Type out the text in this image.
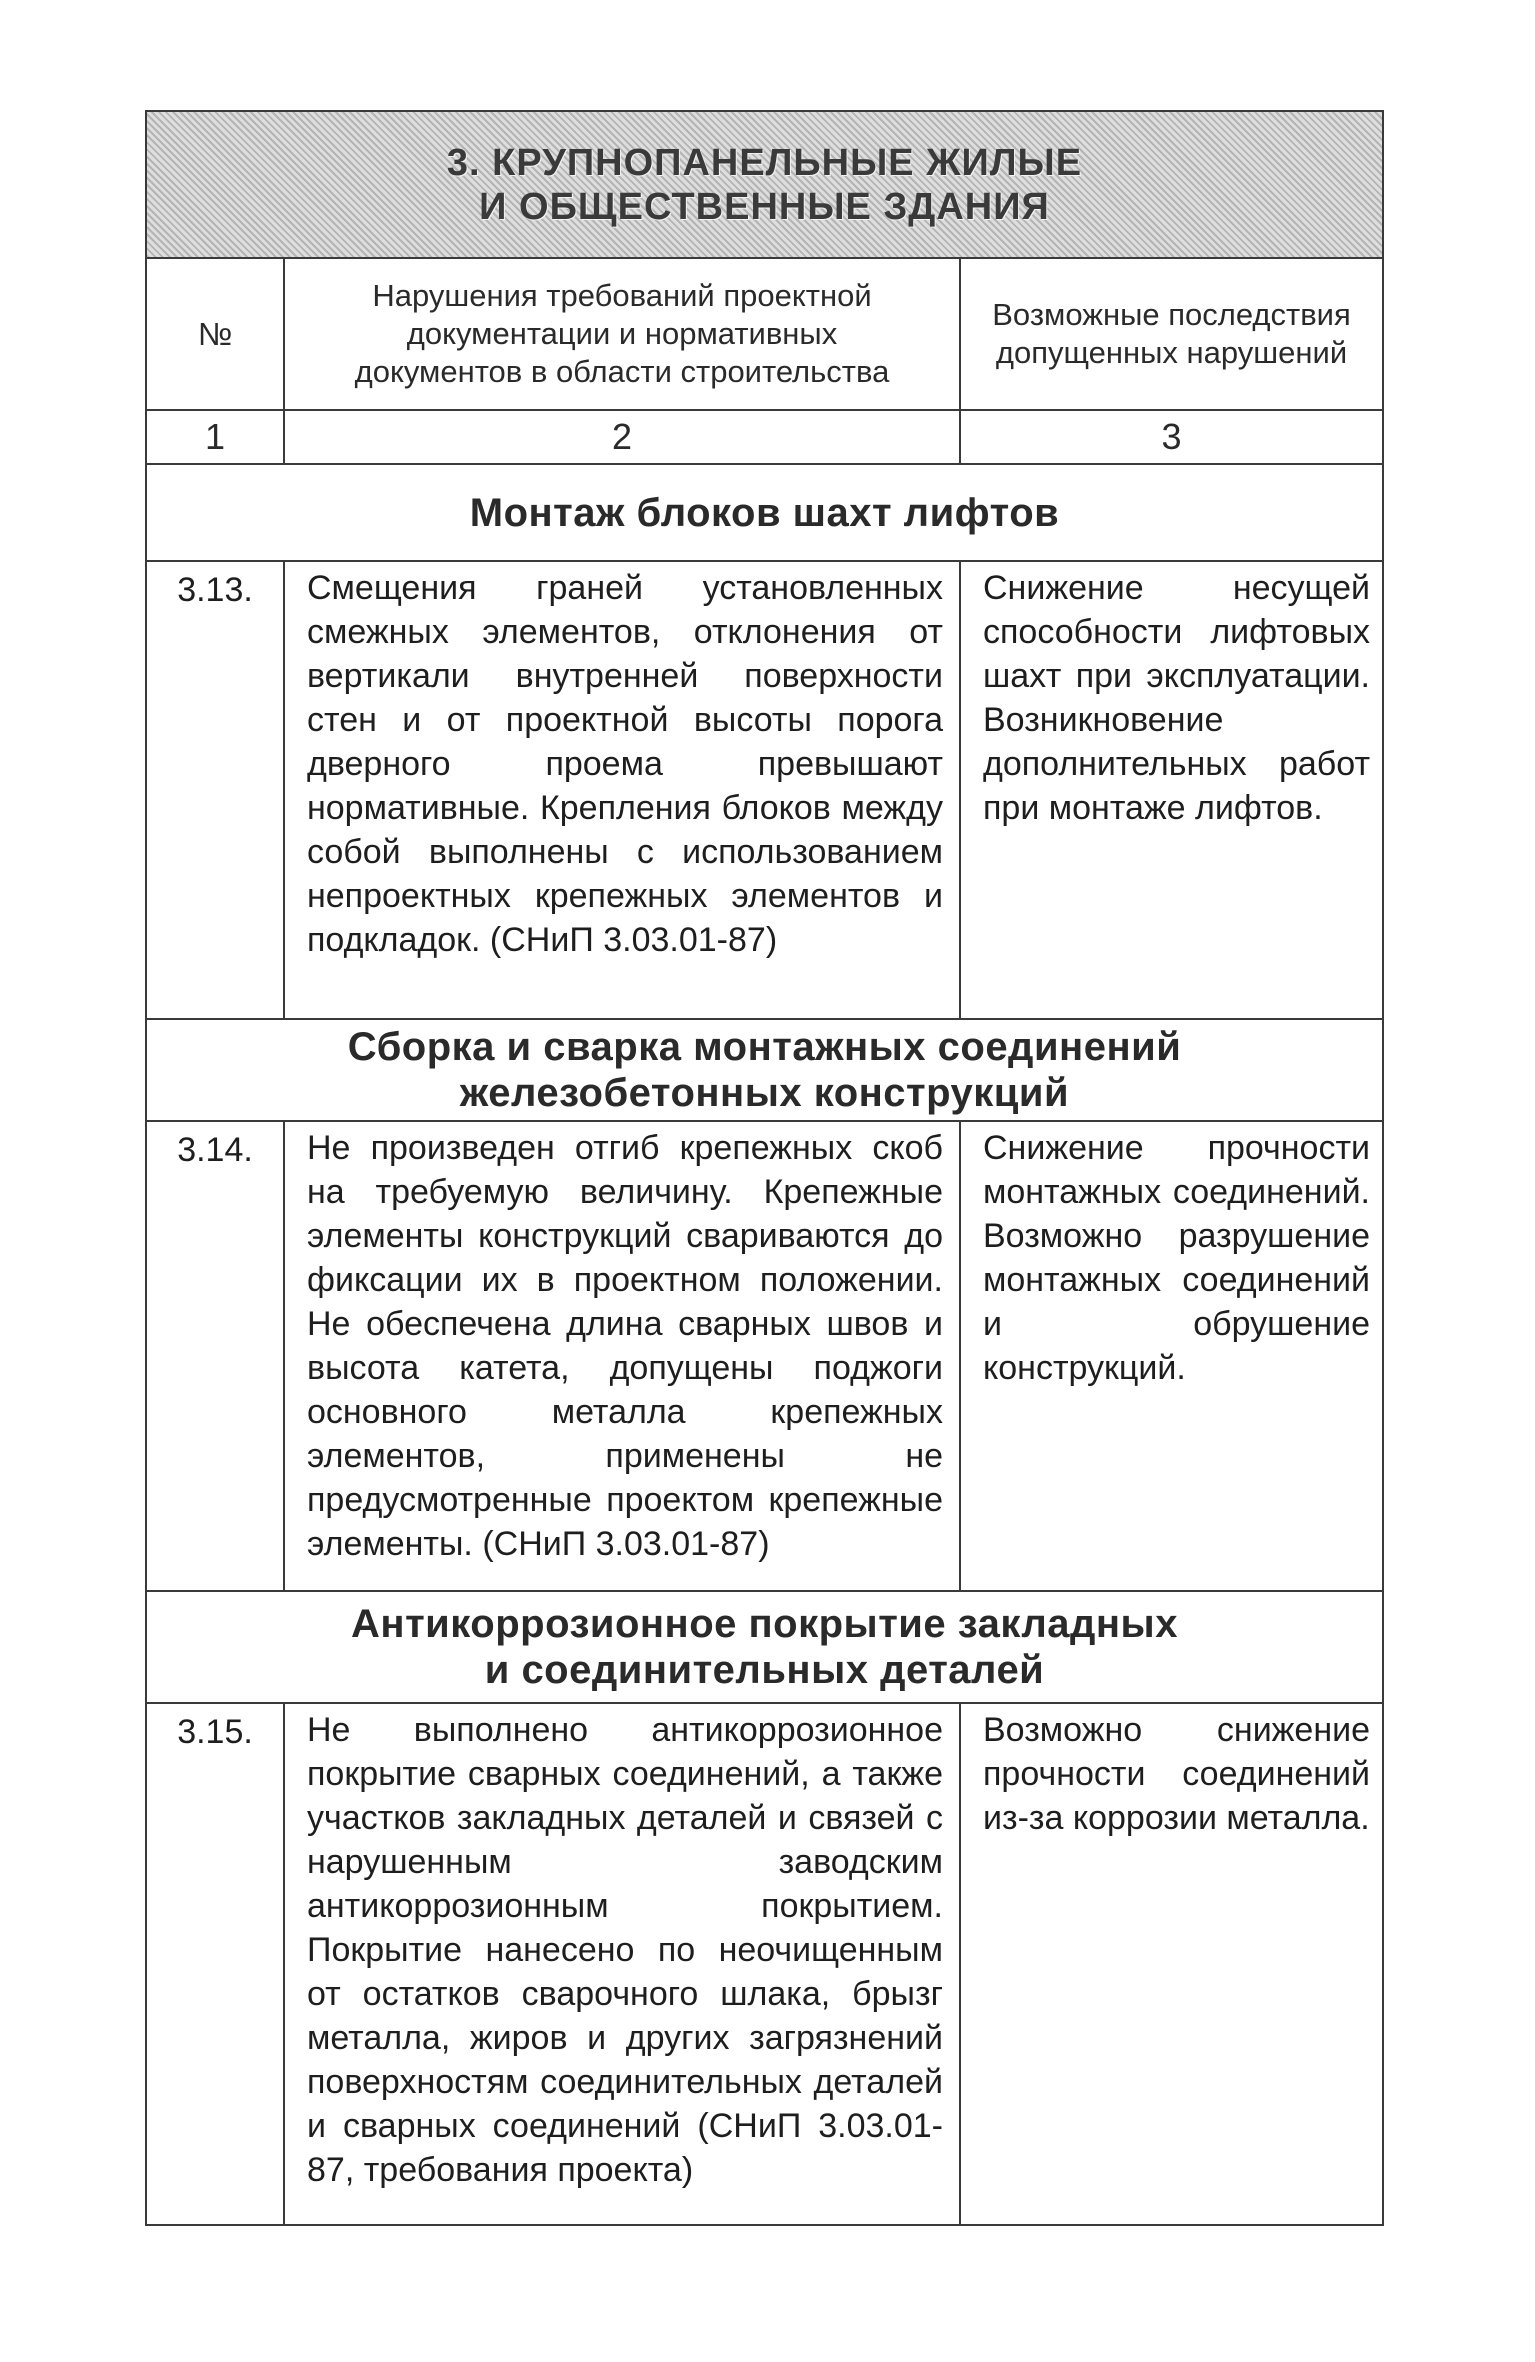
3. КРУПНОПАНЕЛЬНЫЕ ЖИЛЫЕ
И ОБЩЕСТВЕННЫЕ ЗДАНИЯ		

№	Нарушения требований проектной документации и нормативных документов в области строительства	Возможные последствия допущенных нарушений

1	2	3

Монтаж блоков шахт лифтов		

3.13.	Смещения граней установленных смежных элементов, отклонения от вертикали внутренней поверхности стен и от проектной высоты порога дверного проема превышают нормативные. Крепления блоков между собой выполнены с использованием непроектных крепежных элементов и подкладок. (СНиП 3.03.01-87)	Снижение несущей способности лифтовых шахт при эксплуатации. Возникновение дополнительных работ при монтаже лифтов.

Сборка и сварка монтажных соединений
железобетонных конструкций		

3.14.	Не произведен отгиб крепежных скоб на требуемую величину. Крепежные элементы конструкций свариваются до фиксации их в проектном положении. Не обеспечена длина сварных швов и высота катета, допущены поджоги основного металла крепежных элементов, применены не предусмотренные проектом крепежные элементы. (СНиП 3.03.01-87)	Снижение прочности монтажных соединений. Возможно разрушение монтажных соединений и обрушение конструкций.

Антикоррозионное покрытие закладных
и соединительных деталей		

3.15.	Не выполнено антикоррозионное покрытие сварных соединений, а также участков закладных деталей и связей с нарушенным заводским антикоррозионным покрытием. Покрытие нанесено по неочищенным от остатков сварочного шлака, брызг металла, жиров и других загрязнений поверхностям соединительных деталей и сварных соединений (СНиП 3.03.01-87, требования проекта)	Возможно снижение прочности соединений из-за коррозии металла.
